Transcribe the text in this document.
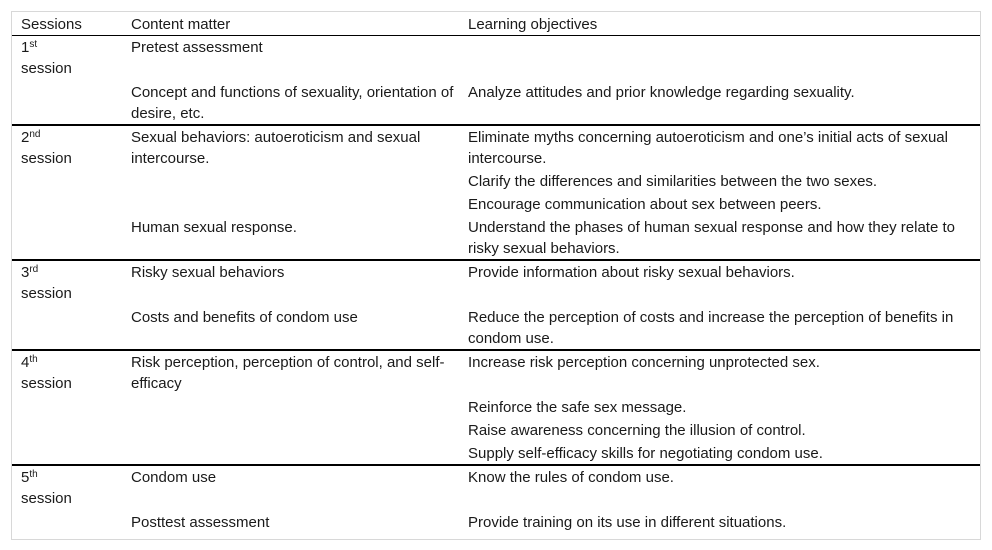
Sessions	Content matter	Learning objectives
1st
session	Pretest assessment	
	Concept and functions of sexuality, orientation of desire, etc.	Analyze attitudes and prior knowledge regarding sexuality.
2nd
session	Sexual behaviors: autoeroticism and sexual intercourse.	Eliminate myths concerning autoeroticism and one’s initial acts of sexual intercourse.
		Clarify the differences and similarities between the two sexes.
		Encourage communication about sex between peers.
	Human sexual response.	Understand the phases of human sexual response and how they relate to risky sexual behaviors.
3rd
session	Risky sexual behaviors	Provide information about risky sexual behaviors.
	Costs and benefits of condom use	Reduce the perception of costs and increase the perception of benefits in condom use.
4th
session	Risk perception, perception of control, and self-efficacy	Increase risk perception concerning unprotected sex.
		Reinforce the safe sex message.
		Raise awareness concerning the illusion of control.
		Supply self-efficacy skills for negotiating condom use.
5th
session	Condom use	Know the rules of condom use.
	Posttest assessment	Provide training on its use in different situations.
